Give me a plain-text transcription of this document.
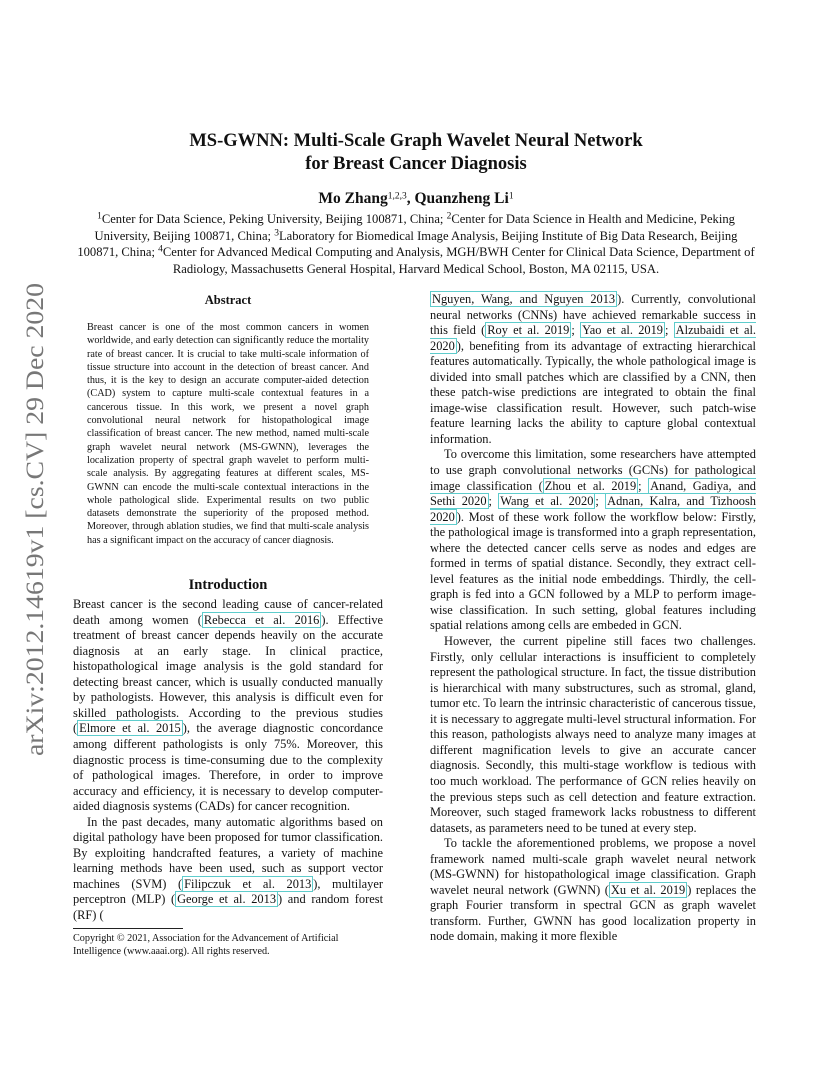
arXiv:2012.14619v1 [cs.CV] 29 Dec 2020
MS-GWNN: Multi-Scale Graph Wavelet Neural Network
for Breast Cancer Diagnosis
Mo Zhang$^{1,2,3}$, Quanzheng Li$^1$
$^1$Center for Data Science, Peking University, Beijing 100871, China; $^2$Center for Data Science in Health and Medicine, Peking University, Beijing 100871, China; $^3$Laboratory for Biomedical Image Analysis, Beijing Institute of Big Data Research, Beijing 100871, China; $^4$Center for Advanced Medical Computing and Analysis, MGH/BWH Center for Clinical Data Science, Department of Radiology, Massachusetts General Hospital, Harvard Medical School, Boston, MA 02115, USA.
Abstract

Breast cancer is one of the most common cancers in women worldwide, and early detection can significantly reduce the mortality rate of breast cancer. It is crucial to take multi-scale information of tissue structure into account in the detection of breast cancer. And thus, it is the key to design an accurate computer-aided detection (CAD) system to capture multi-scale contextual features in a cancerous tissue. In this work, we present a novel graph convolutional neural network for histopathological image classification of breast cancer. The new method, named multi-scale graph wavelet neural network (MS-GWNN), leverages the localization property of spectral graph wavelet to perform multi-scale analysis. By aggregating features at different scales, MS-GWNN can encode the multi-scale contextual interactions in the whole pathological slide. Experimental results on two public datasets demonstrate the superiority of the proposed method. Moreover, through ablation studies, we find that multi-scale analysis has a significant impact on the accuracy of cancer diagnosis.

Introduction

Breast cancer is the second leading cause of cancer-related death among women ( Rebecca et al. 2016 ). Effective treatment of breast cancer depends heavily on the accurate diagnosis at an early stage. In clinical practice, histopathological image analysis is the gold standard for detecting breast cancer, which is usually conducted manually by pathologists. However, this analysis is difficult even for skilled pathologists. According to the previous studies ( Elmore et al. 2015 ), the average diagnostic concordance among different pathologists is only 75%. Moreover, this diagnostic process is time-consuming due to the complexity of pathological images. Therefore, in order to improve accuracy and efficiency, it is necessary to develop computer-aided diagnosis systems (CADs) for cancer recognition.

In the past decades, many automatic algorithms based on digital pathology have been proposed for tumor classification. By exploiting handcrafted features, a variety of machine learning methods have been used, such as support vector machines (SVM) ( Filipczuk et al. 2013 ), multilayer perceptron (MLP) ( George et al. 2013 ) and random forest (RF) (

Copyright © 2021, Association for the Advancement of Artificial Intelligence (www.aaai.org). All rights reserved.

Nguyen, Wang, and Nguyen 2013 ). Currently, convolutional neural networks (CNNs) have achieved remarkable success in this field ( Roy et al. 2019 ; Yao et al. 2019 ; Alzubaidi et al. 2020 ), benefiting from its advantage of extracting hierarchical features automatically. Typically, the whole pathological image is divided into small patches which are classified by a CNN, then these patch-wise predictions are integrated to obtain the final image-wise classification result. However, such patch-wise feature learning lacks the ability to capture global contextual information.

To overcome this limitation, some researchers have attempted to use graph convolutional networks (GCNs) for pathological image classification ( Zhou et al. 2019 ; Anand, Gadiya, and Sethi 2020 ; Wang et al. 2020 ; Adnan, Kalra, and Tizhoosh 2020 ). Most of these work follow the workflow below: Firstly, the pathological image is transformed into a graph representation, where the detected cancer cells serve as nodes and edges are formed in terms of spatial distance. Secondly, they extract cell-level features as the initial node embeddings. Thirdly, the cell-graph is fed into a GCN followed by a MLP to perform image-wise classification. In such setting, global features including spatial relations among cells are embeded in GCN.

However, the current pipeline still faces two challenges. Firstly, only cellular interactions is insufficient to completely represent the pathological structure. In fact, the tissue distribution is hierarchical with many substructures, such as stromal, gland, tumor etc. To learn the intrinsic characteristic of cancerous tissue, it is necessary to aggregate multi-level structural information. For this reason, pathologists always need to analyze many images at different magnification levels to give an accurate cancer diagnosis. Secondly, this multi-stage workflow is tedious with too much workload. The performance of GCN relies heavily on the previous steps such as cell detection and feature extraction. Moreover, such staged framework lacks robustness to different datasets, as parameters need to be tuned at every step.

To tackle the aforementioned problems, we propose a novel framework named multi-scale graph wavelet neural network (MS-GWNN) for histopathological image classification. Graph wavelet neural network (GWNN) ( Xu et al. 2019 ) replaces the graph Fourier transform in spectral GCN as graph wavelet transform. Further, GWNN has good localization property in node domain, making it more flexible
